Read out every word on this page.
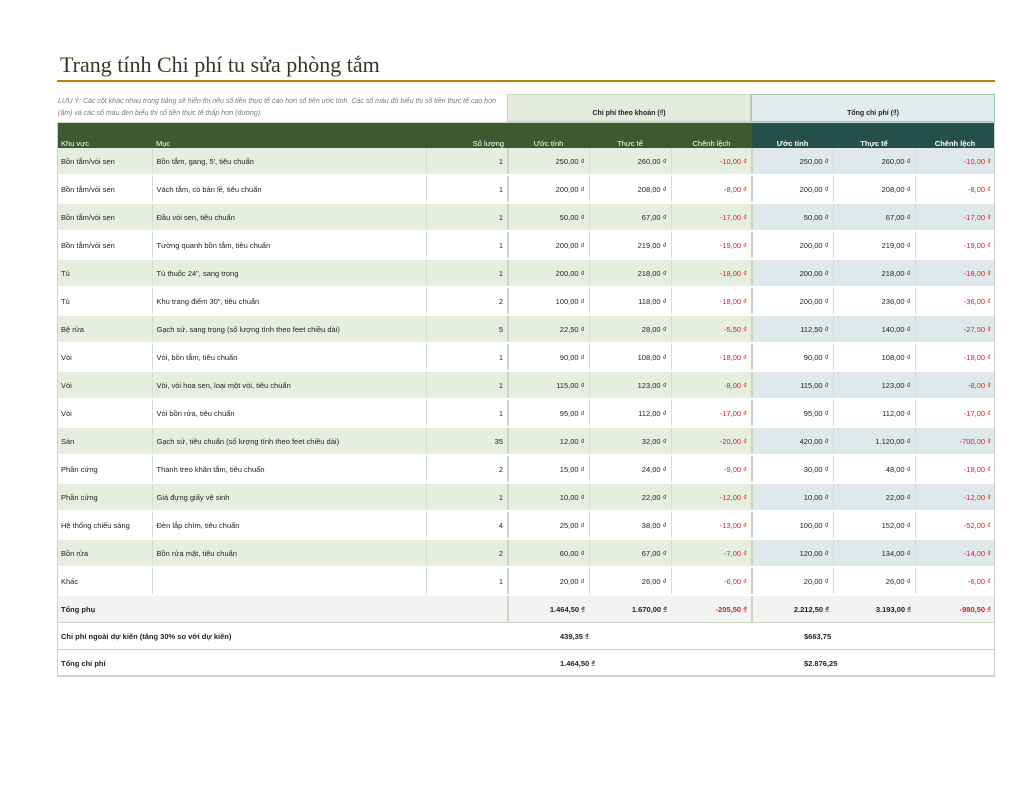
Trang tính Chi phí tu sửa phòng tắm
LƯU Ý: Các cột khác nhau trong bảng sẽ hiển thị nếu số tiền thực tế cao hơn số tiền ước tính. Các số màu đỏ biểu thị số tiền thực tế cao hơn (âm) và các số màu đen biểu thị số tiền thực tế thấp hơn (dương).	Chi phí theo khoản (₫)	Tổng chi phí (₫)
Khu vực	Mục	Số lượng	Ước tính	Thực tế	Chênh lệch	Ước tính	Thực tế	Chênh lệch
Bồn tắm/vòi sen	Bồn tắm, gang, 5', tiêu chuẩn	1	250,00 ₫	260,00 ₫	-10,00 ₫	250,00 ₫	260,00 ₫	-10,00 ₫
Bồn tắm/vòi sen	Vách tắm, có bản lề, tiêu chuẩn	1	200,00 ₫	208,00 ₫	-8,00 ₫	200,00 ₫	208,00 ₫	-8,00 ₫
Bồn tắm/vòi sen	Đầu vòi sen, tiêu chuẩn	1	50,00 ₫	67,00 ₫	-17,00 ₫	50,00 ₫	67,00 ₫	-17,00 ₫
Bồn tắm/vòi sen	Tường quanh bồn tắm, tiêu chuẩn	1	200,00 ₫	219,00 ₫	-19,00 ₫	200,00 ₫	219,00 ₫	-19,00 ₫
Tủ	Tủ thuốc 24", sang trọng	1	200,00 ₫	218,00 ₫	-18,00 ₫	200,00 ₫	218,00 ₫	-18,00 ₫
Tủ	Khu trang điểm 30", tiêu chuẩn	2	100,00 ₫	118,00 ₫	-18,00 ₫	200,00 ₫	236,00 ₫	-36,00 ₫
Bệ rửa	Gạch sứ, sang trọng (số lượng tính theo feet chiều dài)	5	22,50 ₫	28,00 ₫	-5,50 ₫	112,50 ₫	140,00 ₫	-27,50 ₫
Vòi	Vòi, bồn tắm, tiêu chuẩn	1	90,00 ₫	108,00 ₫	-18,00 ₫	90,00 ₫	108,00 ₫	-18,00 ₫
Vòi	Vòi, vòi hoa sen, loại một vòi, tiêu chuẩn	1	115,00 ₫	123,00 ₫	-8,00 ₫	115,00 ₫	123,00 ₫	-8,00 ₫
Vòi	Vòi bồn rửa, tiêu chuẩn	1	95,00 ₫	112,00 ₫	-17,00 ₫	95,00 ₫	112,00 ₫	-17,00 ₫
Sàn	Gạch sứ, tiêu chuẩn (số lượng tính theo feet chiều dài)	35	12,00 ₫	32,00 ₫	-20,00 ₫	420,00 ₫	1.120,00 ₫	-700,00 ₫
Phần cứng	Thanh treo khăn tắm, tiêu chuẩn	2	15,00 ₫	24,00 ₫	-9,00 ₫	30,00 ₫	48,00 ₫	-18,00 ₫
Phần cứng	Giá đựng giấy vệ sinh	1	10,00 ₫	22,00 ₫	-12,00 ₫	10,00 ₫	22,00 ₫	-12,00 ₫
Hệ thống chiếu sáng	Đèn lắp chìm, tiêu chuẩn	4	25,00 ₫	38,00 ₫	-13,00 ₫	100,00 ₫	152,00 ₫	-52,00 ₫
Bồn rửa	Bồn rửa mặt, tiêu chuẩn	2	60,00 ₫	67,00 ₫	-7,00 ₫	120,00 ₫	134,00 ₫	-14,00 ₫
Khác		1	20,00 ₫	26,00 ₫	-6,00 ₫	20,00 ₫	26,00 ₫	-6,00 ₫
Tổng phụ			1.464,50 ₫	1.670,00 ₫	-205,50 ₫	2.212,50 ₫	3.193,00 ₫	-980,50 ₫
Chi phí ngoài dự kiến (tăng 30% so với dự kiến)			439,35 ₫			$663,75		
Tổng chi phí			1.464,50 ₫			$2.876,25		
